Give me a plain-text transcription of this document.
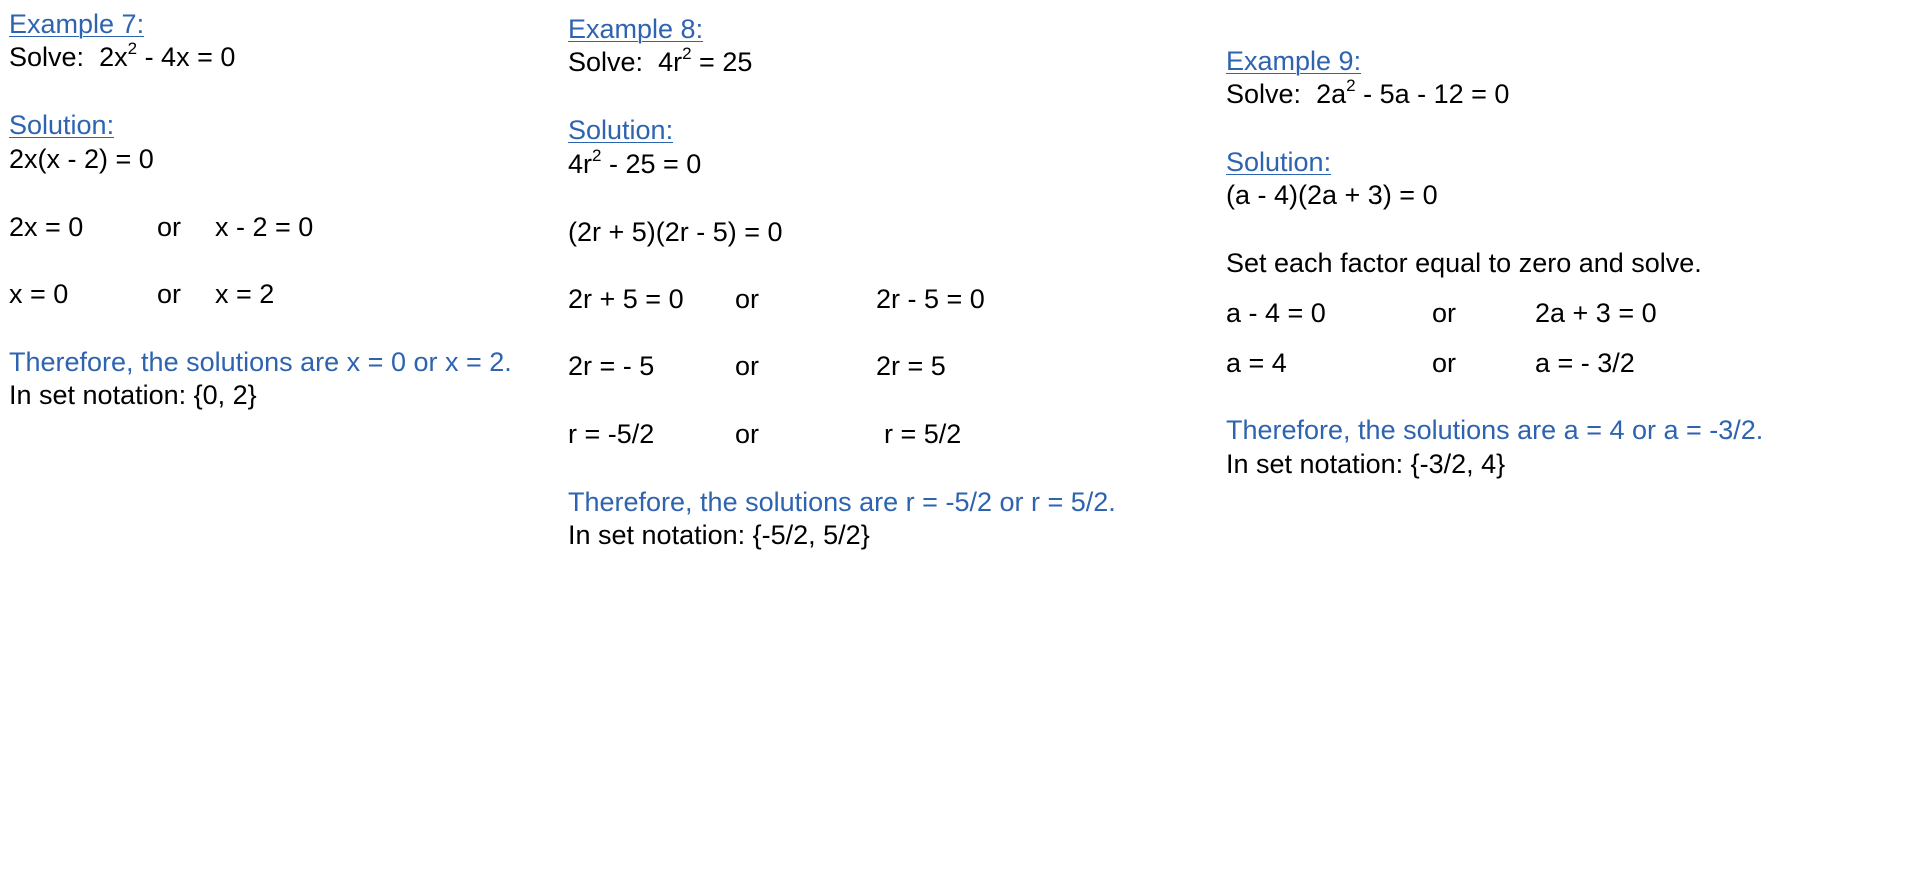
Example 7:
Solve: $2x^2 - 4x = 0$
Solution:
2x(x - 2) = 0
2x = 0	or x - 2 = 0
x = 0	or x = 2
Therefore, the solutions are x = 0 or x = 2.
In set notation: {0, 2}
Example 8:
Solve: $4r^2 = 25$
Solution:
$4r^2 - 25 = 0$
(2r + 5)(2r - 5) = 0
2r + 5 = 0 or	2r - 5 = 0
2r = - 5	or	2r = 5
r = -5/2	or	r = 5/2
Therefore, the solutions are r = -5/2 or r = 5/2.
In set notation: {-5/2, 5/2}
Example 9:
Solve: $2a^2 - 5a - 12 = 0$
Solution:
(a - 4)(2a + 3) = 0
Set each factor equal to zero and solve.
a - 4 = 0	or	2a + 3 = 0
a = 4	or	a = - 3/2
Therefore, the solutions are a = 4 or a = -3/2.
In set notation: {-3/2, 4}
